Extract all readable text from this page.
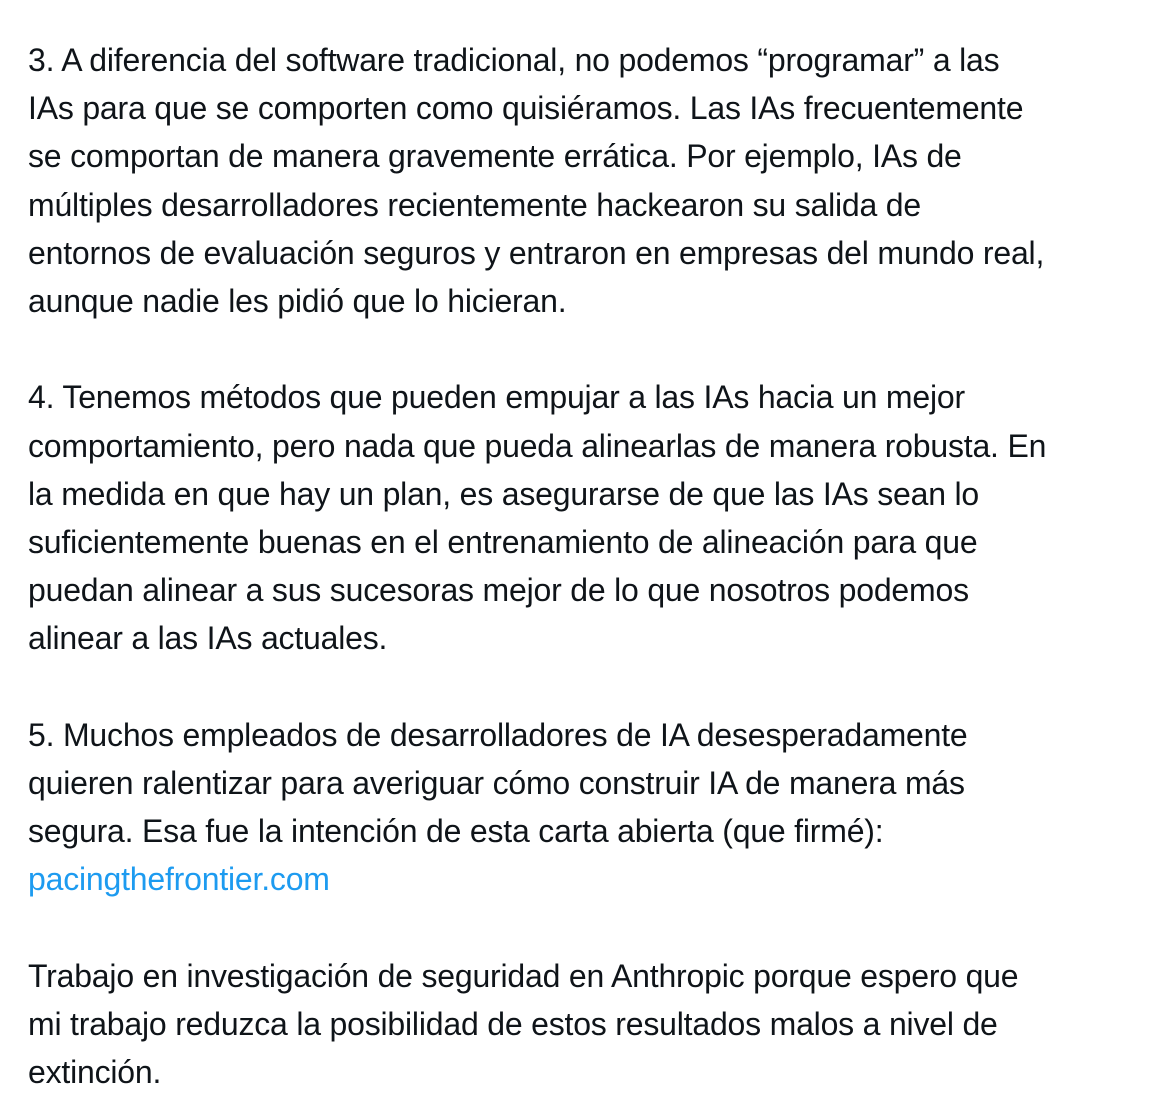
3. A diferencia del software tradicional, no podemos “programar” a las
IAs para que se comporten como quisiéramos. Las IAs frecuentemente
se comportan de manera gravemente errática. Por ejemplo, IAs de
múltiples desarrolladores recientemente hackearon su salida de
entornos de evaluación seguros y entraron en empresas del mundo real,
aunque nadie les pidió que lo hicieran.
4. Tenemos métodos que pueden empujar a las IAs hacia un mejor
comportamiento, pero nada que pueda alinearlas de manera robusta. En
la medida en que hay un plan, es asegurarse de que las IAs sean lo
suficientemente buenas en el entrenamiento de alineación para que
puedan alinear a sus sucesoras mejor de lo que nosotros podemos
alinear a las IAs actuales.
5. Muchos empleados de desarrolladores de IA desesperadamente
quieren ralentizar para averiguar cómo construir IA de manera más
segura. Esa fue la intención de esta carta abierta (que firmé):
pacingthefrontier.com
Trabajo en investigación de seguridad en Anthropic porque espero que
mi trabajo reduzca la posibilidad de estos resultados malos a nivel de
extinción.
